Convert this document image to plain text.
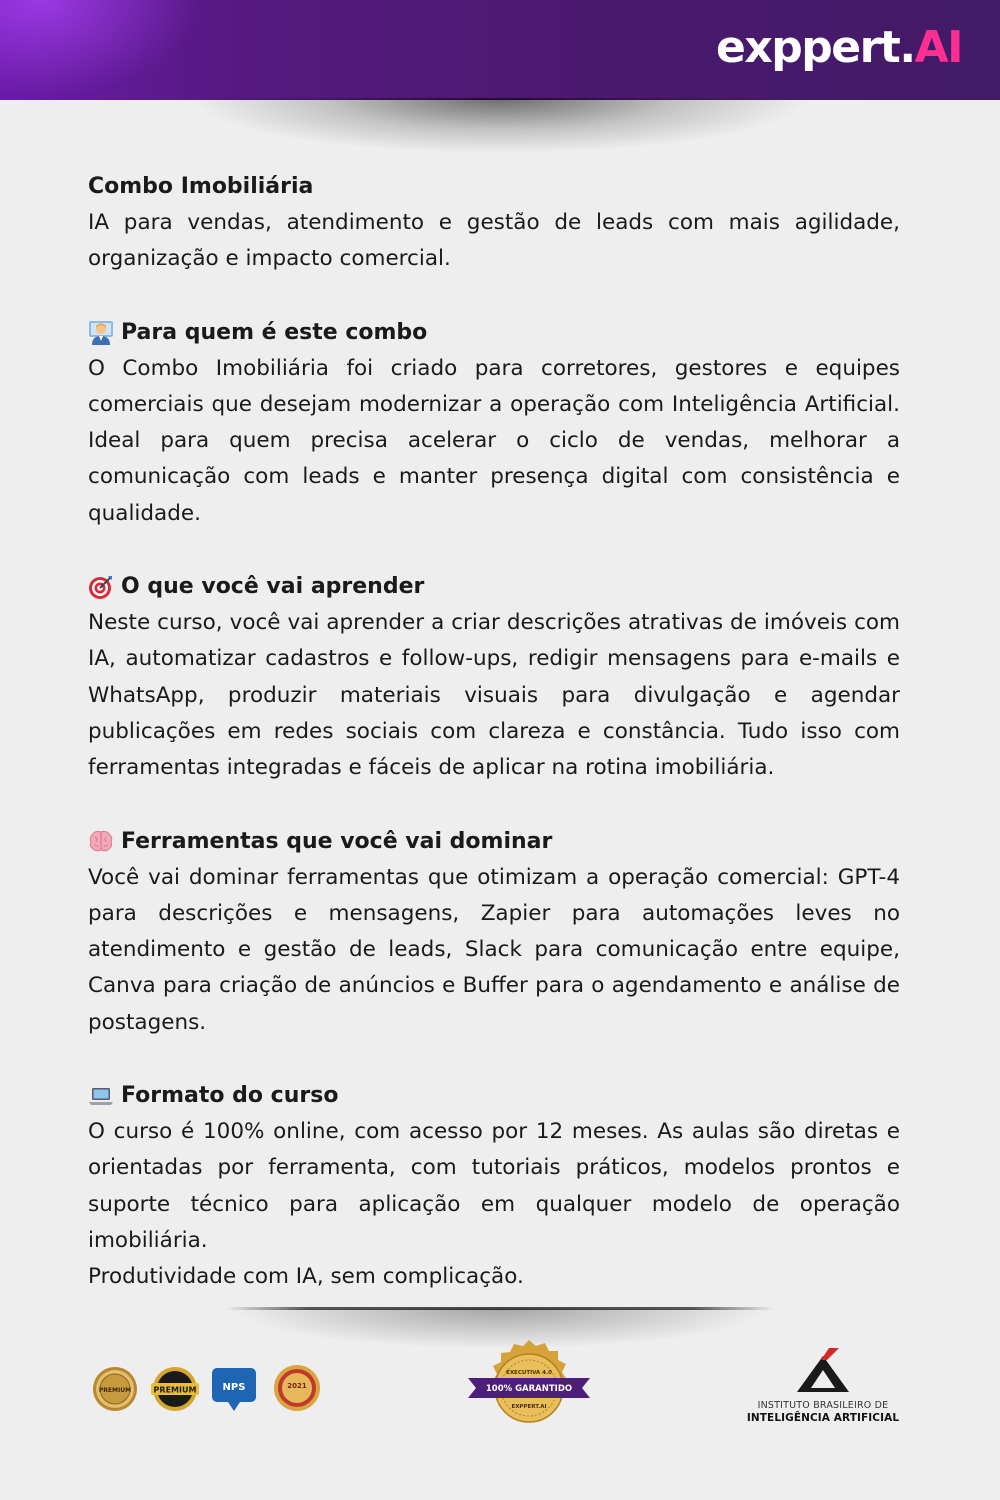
exppert.AI

Combo Imobiliária

IA para vendas, atendimento e gestão de leads com mais agilidade, organização e impacto comercial.

Para quem é este combo

O Combo Imobiliária foi criado para corretores, gestores e equipes comerciais que desejam modernizar a operação com Inteligência Artificial. Ideal para quem precisa acelerar o ciclo de vendas, melhorar a comunicação com leads e manter presença digital com consistência e qualidade.

O que você vai aprender

Neste curso, você vai aprender a criar descrições atrativas de imóveis com IA, automatizar cadastros e follow-ups, redigir mensagens para e-mails e WhatsApp, produzir materiais visuais para divulgação e agendar publicações em redes sociais com clareza e constância. Tudo isso com ferramentas integradas e fáceis de aplicar na rotina imobiliária.

Ferramentas que você vai dominar

Você vai dominar ferramentas que otimizam a operação comercial: GPT-4 para descrições e mensagens, Zapier para automações leves no atendimento e gestão de leads, Slack para comunicação entre equipe, Canva para criação de anúncios e Buffer para o agendamento e análise de postagens.

Formato do curso

O curso é 100% online, com acesso por 12 meses. As aulas são diretas e orientadas por ferramenta, com tutoriais práticos, modelos prontos e suporte técnico para aplicação em qualquer modelo de operação imobiliária.

Produtividade com IA, sem complicação.

PREMIUM	PREMIUM	NPS	2021
EXECUTIVA 4.0
100% GARANTIDO
EXPPERT.AI	INSTITUTO BRASILEIRO DE
INTELIGÊNCIA ARTIFICIAL
